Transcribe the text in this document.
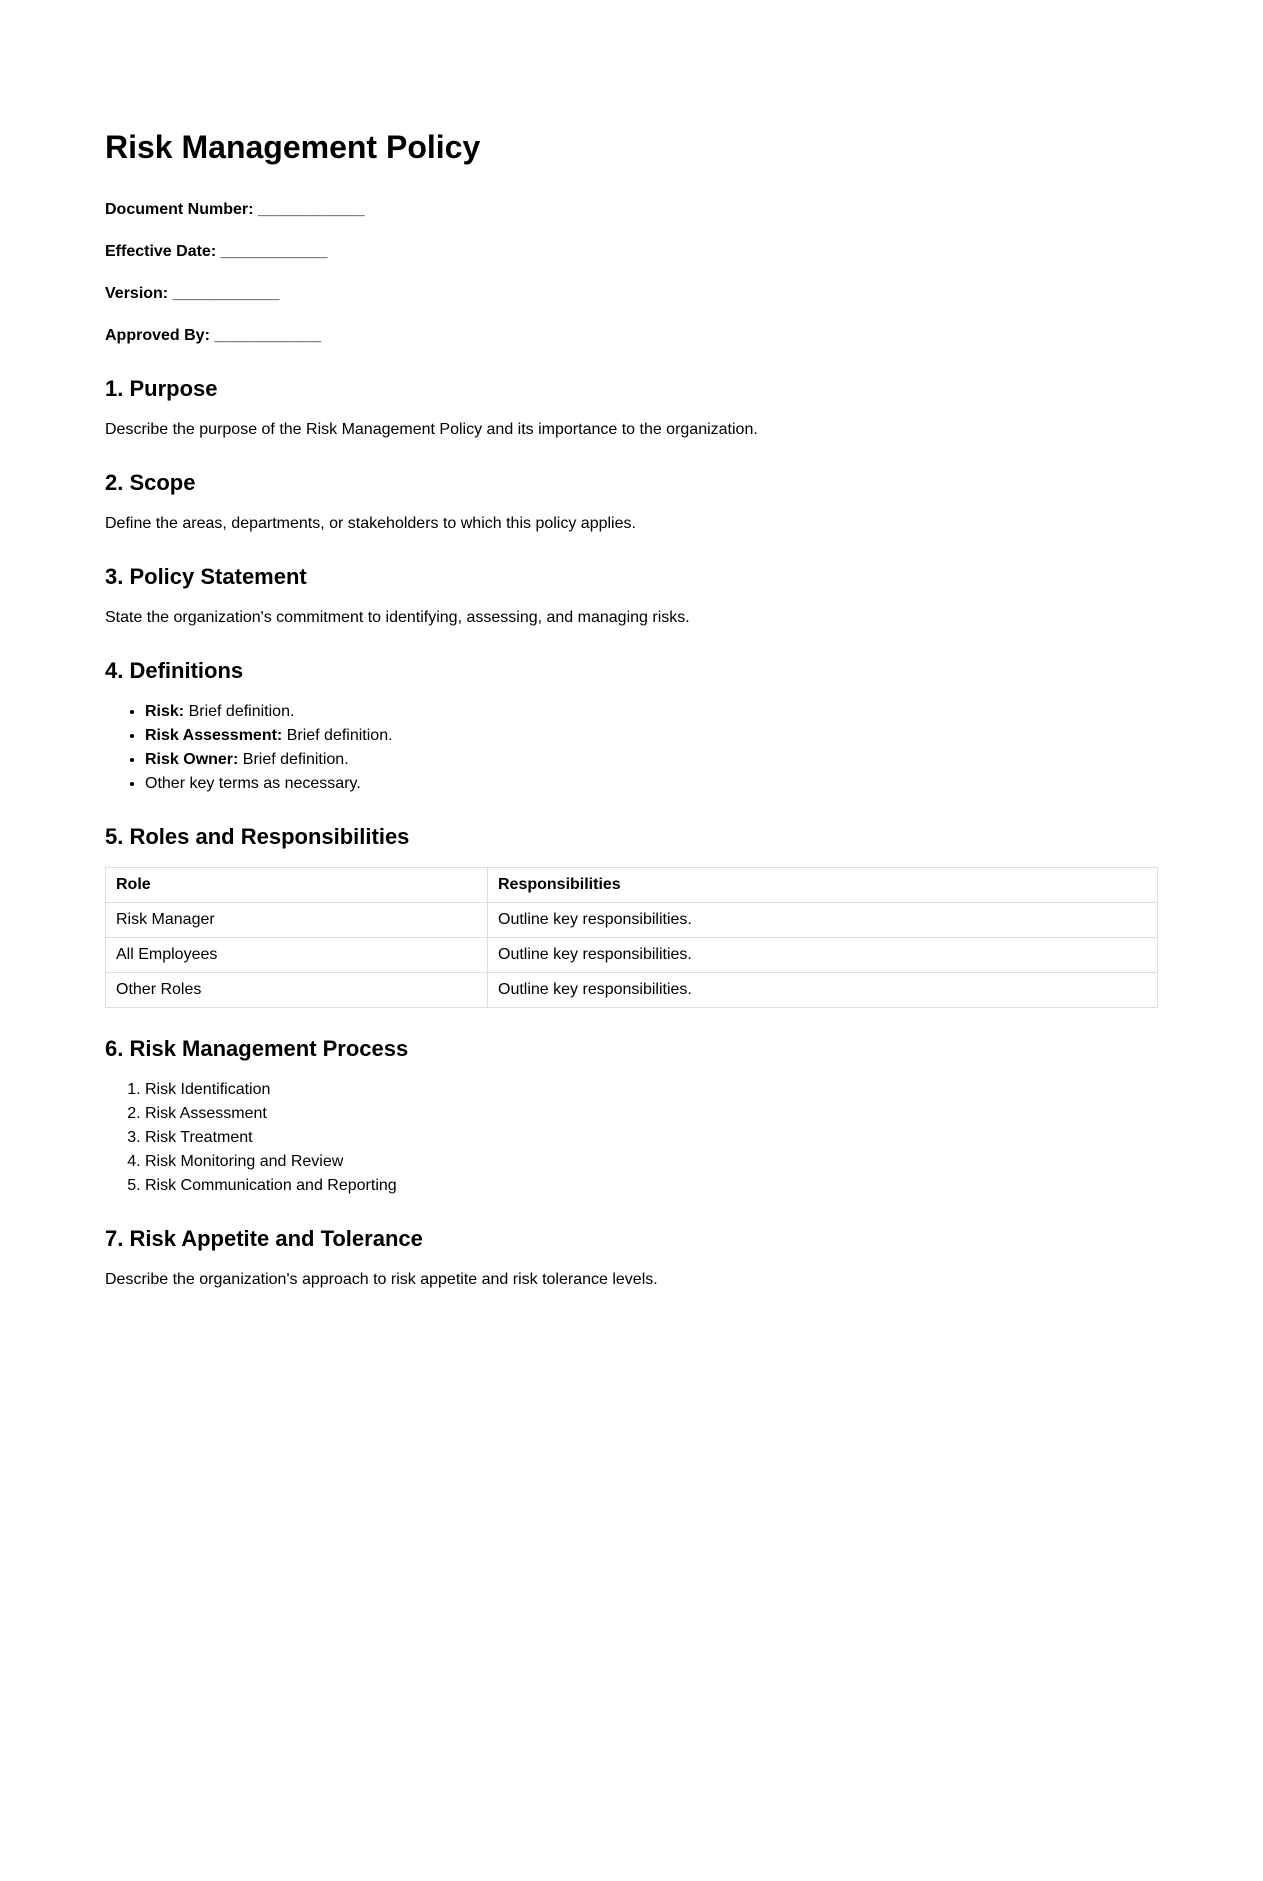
Risk Management Policy

Document Number: ____________

Effective Date: ____________

Version: ____________

Approved By: ____________

1. Purpose

Describe the purpose of the Risk Management Policy and its importance to the organization.

2. Scope

Define the areas, departments, or stakeholders to which this policy applies.

3. Policy Statement

State the organization's commitment to identifying, assessing, and managing risks.

4. Definitions
• Risk: Brief definition.
• Risk Assessment: Brief definition.
• Risk Owner: Brief definition.
• Other key terms as necessary.
5. Roles and Responsibilities
Role	Responsibilities
Risk Manager	Outline key responsibilities.
All Employees	Outline key responsibilities.
Other Roles	Outline key responsibilities.
6. Risk Management Process
1. Risk Identification
2. Risk Assessment
3. Risk Treatment
4. Risk Monitoring and Review
5. Risk Communication and Reporting
7. Risk Appetite and Tolerance

Describe the organization's approach to risk appetite and risk tolerance levels.
